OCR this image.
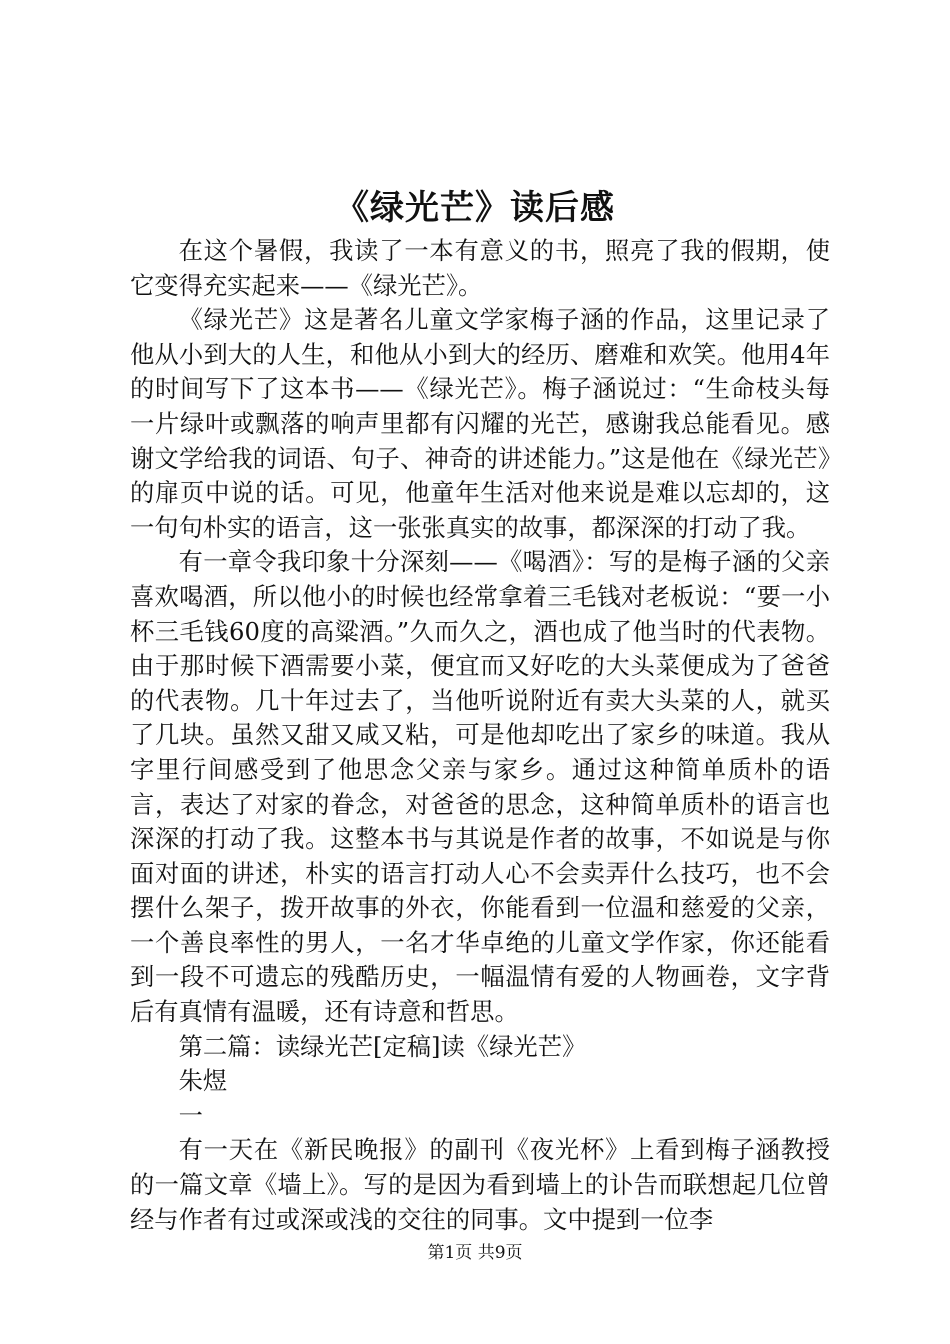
《绿光芒》读后感

在这个暑假，我读了一本有意义的书，照亮了我的假期，使它变得充实起来——《绿光芒》。

《绿光芒》这是著名儿童文学家梅子涵的作品，这里记录了他从小到大的人生，和他从小到大的经历、磨难和欢笑。他用4年的时间写下了这本书——《绿光芒》。梅子涵说过：“生命枝头每一片绿叶或飘落的响声里都有闪耀的光芒，感谢我总能看见。感谢文学给我的词语、句子、神奇的讲述能力。”这是他在《绿光芒》的扉页中说的话。可见，他童年生活对他来说是难以忘却的，这一句句朴实的语言，这一张张真实的故事，都深深的打动了我。

有一章令我印象十分深刻——《喝酒》：写的是梅子涵的父亲喜欢喝酒，所以他小的时候也经常拿着三毛钱对老板说：“要一小杯三毛钱60度的高粱酒。”久而久之，酒也成了他当时的代表物。由于那时候下酒需要小菜，便宜而又好吃的大头菜便成为了爸爸的代表物。几十年过去了，当他听说附近有卖大头菜的人，就买了几块。虽然又甜又咸又粘，可是他却吃出了家乡的味道。我从字里行间感受到了他思念父亲与家乡。通过这种简单质朴的语言，表达了对家的眷念，对爸爸的思念，这种简单质朴的语言也深深的打动了我。这整本书与其说是作者的故事，不如说是与你面对面的讲述，朴实的语言打动人心不会卖弄什么技巧，也不会摆什么架子，拨开故事的外衣，你能看到一位温和慈爱的父亲，一个善良率性的男人，一名才华卓绝的儿童文学作家，你还能看到一段不可遗忘的残酷历史，一幅温情有爱的人物画卷，文字背后有真情有温暖，还有诗意和哲思。

第二篇：读绿光芒[定稿]读《绿光芒》

朱煜

一

有一天在《新民晚报》的副刊《夜光杯》上看到梅子涵教授的一篇文章《墙上》。写的是因为看到墙上的讣告而联想起几位曾经与作者有过或深或浅的交往的同事。文中提到一位李

第1页 共9页
